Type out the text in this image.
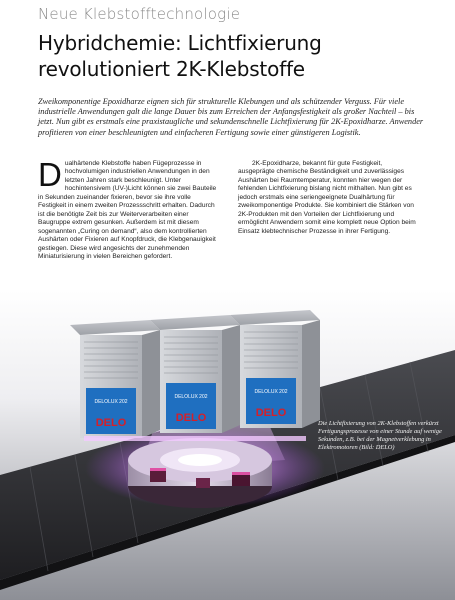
Neue Klebstofftechnologie
Hybridchemie: Lichtfixierung
revolutioniert 2K-Klebstoffe

Zweikomponentige Epoxidharze eignen sich für strukturelle Klebungen und als schützender Verguss. Für viele industrielle Anwendungen galt die lange Dauer bis zum Erreichen der Anfangsfestigkeit als großer Nachteil – bis jetzt. Nun gibt es erstmals eine praxistaugliche und sekundenschnelle Lichtfixierung für 2K-Epoxidharze. Anwender profitieren von einer beschleunigten und einfacheren Fertigung sowie einer günstigeren Logistik.

Dualhärtende Klebstoffe haben Fügeprozesse in hochvolumigen industriellen Anwendungen in den letzten Jahren stark beschleunigt. Unter hochintensivem (UV-)Licht können sie zwei Bauteile in Sekunden zueinander fixieren, bevor sie ihre volle Festigkeit in einem zweiten Prozessschritt erhalten. Dadurch ist die benötigte Zeit bis zur Weiterverarbeiten einer Baugruppe extrem gesunken. Außerdem ist mit diesem sogenannten „Curing on demand“, also dem kontrollierten Aushärten oder Fixieren auf Knopfdruck, die Klebgenauigkeit gestiegen. Diese wird angesichts der zunehmenden Miniaturisierung in vielen Bereichen gefordert.

2K-Epoxidharze, bekannt für gute Festigkeit, ausgeprägte chemische Beständigkeit und zuverlässiges Aushärten bei Raumtemperatur, konnten hier wegen der fehlenden Lichtfixierung bislang nicht mithalten. Nun gibt es jedoch erstmals eine seriengeeignete Dualhärtung für zweikomponentige Produkte. Sie kombiniert die Stärken von 2K-Produkten mit den Vorteilen der Lichtfixierung und ermöglicht Anwendern somit eine komplett neue Option beim Einsatz klebtechnischer Prozesse in ihrer Fertigung.

DELOLUX 202
DELO
DELOLUX 202
DELO
DELOLUX 202
DELO

Die Lichtfixierung von 2K-Klebstoffen verkürzt Fertigungsprozesse von einer Stunde auf wenige Sekunden, z.B. bei der Magnetverklebung in Elektromotoren (Bild: DELO)
